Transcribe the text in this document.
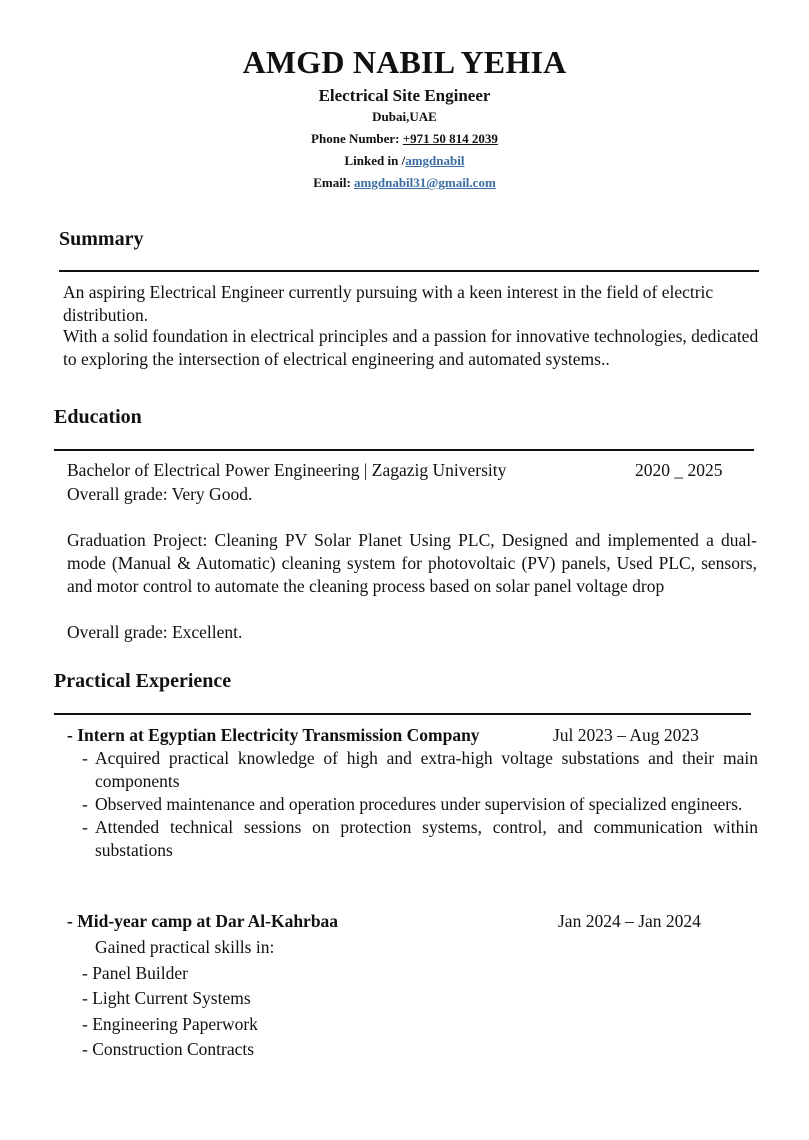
AMGD NABIL YEHIA
Electrical Site Engineer
Dubai,UAE
Phone Number: +971 50 814 2039
Linked in /amgdnabil
Email: amgdnabil31@gmail.com
Summary
An aspiring Electrical Engineer currently pursuing with a keen interest in the field of electric distribution.
With a solid foundation in electrical principles and a passion for innovative technologies, dedicated to exploring the intersection of electrical engineering and automated systems..
Education
Bachelor of Electrical Power Engineering | Zagazig University	2020 _ 2025
Overall grade: Very Good.
Graduation Project: Cleaning PV Solar Planet Using PLC, Designed and implemented a dual-mode (Manual & Automatic) cleaning system for photovoltaic (PV) panels, Used PLC, sensors, and motor control to automate the cleaning process based on solar panel voltage drop
Overall grade: Excellent.
Practical Experience
- Intern at Egyptian Electricity Transmission Company	Jul 2023 – Aug 2023
- Acquired practical knowledge of high and extra-high voltage substations and their main components
- Observed maintenance and operation procedures under supervision of specialized engineers.
- Attended technical sessions on protection systems, control, and communication within substations
- Mid-year camp at Dar Al-Kahrbaa	Jan 2024 – Jan 2024
Gained practical skills in:
- Panel Builder
- Light Current Systems
- Engineering Paperwork
- Construction Contracts
